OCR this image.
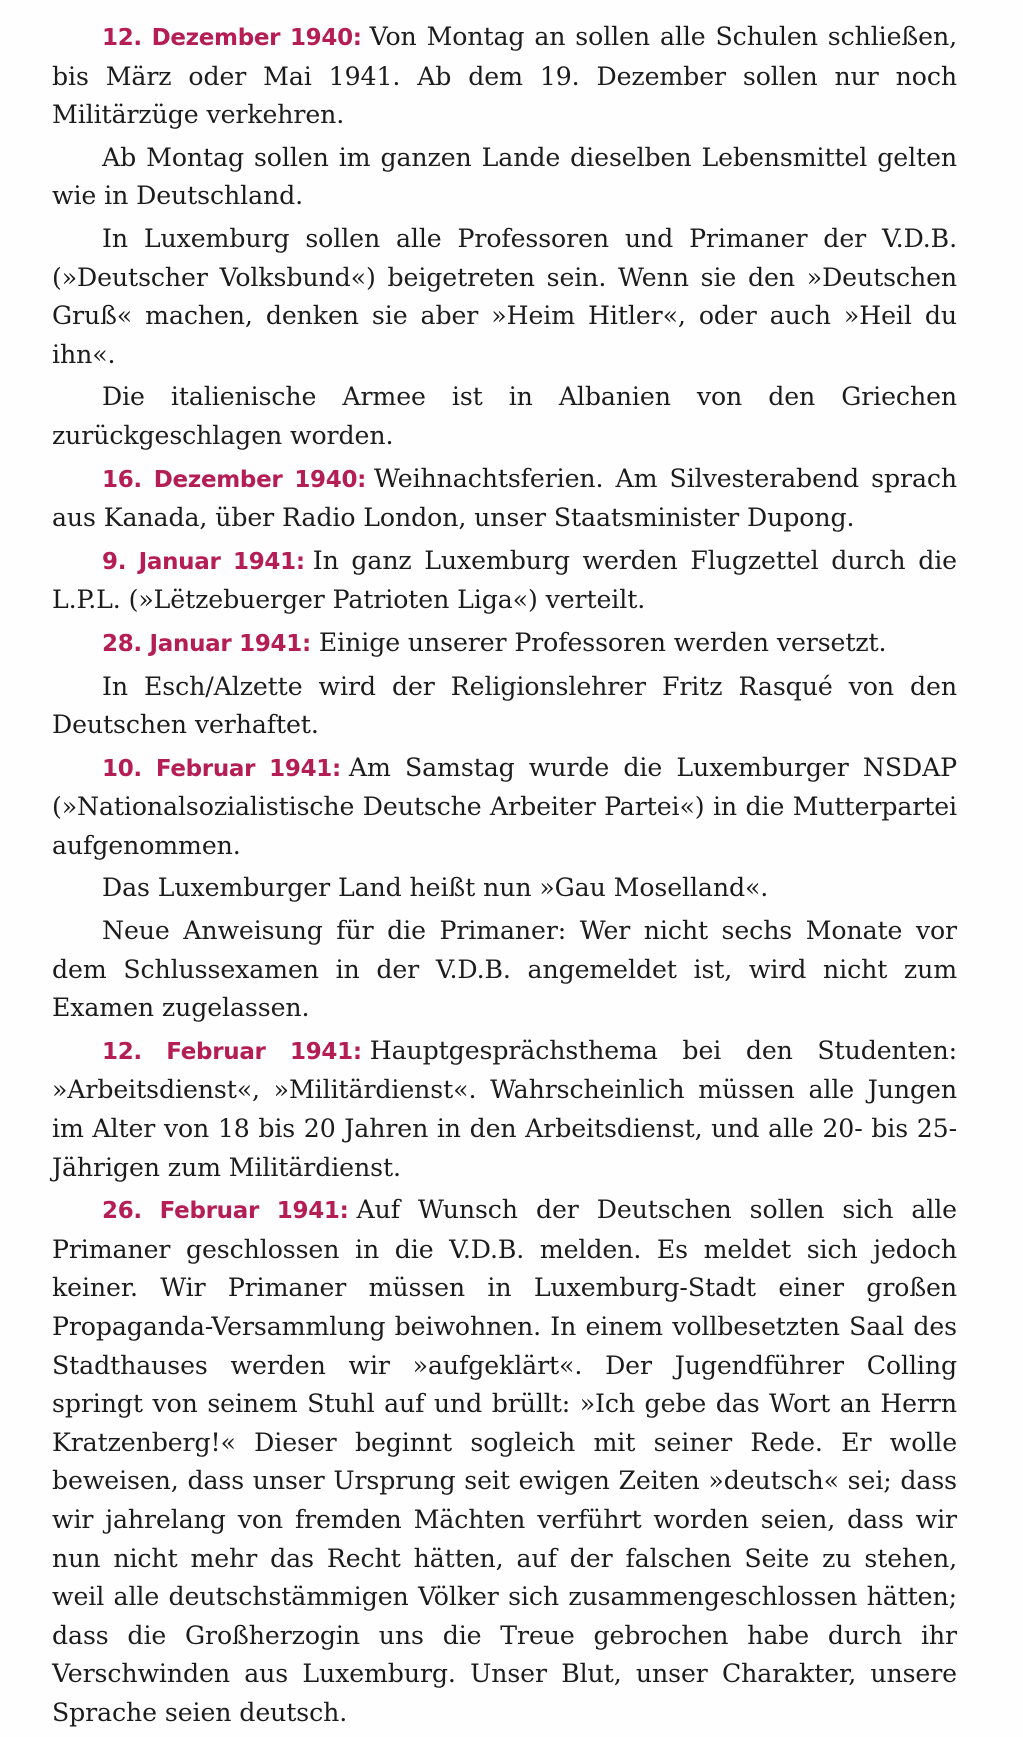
12. Dezember 1940: Von Montag an sollen alle Schulen schließen, bis März oder Mai 1941. Ab dem 19. Dezember sollen nur noch Militärzüge verkehren.

Ab Montag sollen im ganzen Lande dieselben Lebensmittel gelten wie in Deutschland.

In Luxemburg sollen alle Professoren und Primaner der V.D.B. (»Deutscher Volksbund«) beigetreten sein. Wenn sie den »Deutschen Gruß« machen, denken sie aber »Heim Hitler«, oder auch »Heil du ihn«.

Die italienische Armee ist in Albanien von den Griechen zurückgeschlagen worden.

16. Dezember 1940: Weihnachtsferien. Am Silvesterabend sprach aus Kanada, über Radio London, unser Staatsminister Dupong.

9. Januar 1941: In ganz Luxemburg werden Flugzettel durch die L.P.L. (»Lëtzebuerger Patrioten Liga«) verteilt.

28. Januar 1941: Einige unserer Professoren werden versetzt.

In Esch/Alzette wird der Religionslehrer Fritz Rasqué von den Deutschen verhaftet.

10. Februar 1941: Am Samstag wurde die Luxemburger NSDAP (»Nationalsozialistische Deutsche Arbeiter Partei«) in die Mutterpartei aufgenommen.

Das Luxemburger Land heißt nun »Gau Moselland«.

Neue Anweisung für die Primaner: Wer nicht sechs Monate vor dem Schlussexamen in der V.D.B. angemeldet ist, wird nicht zum Examen zugelassen.

12. Februar 1941: Hauptgesprächsthema bei den Studenten: »Arbeitsdienst«, »Militärdienst«. Wahrscheinlich müssen alle Jungen im Alter von 18 bis 20 Jahren in den Arbeitsdienst, und alle 20- bis 25-Jährigen zum Militärdienst.

26. Februar 1941: Auf Wunsch der Deutschen sollen sich alle Primaner geschlossen in die V.D.B. melden. Es meldet sich jedoch keiner. Wir Primaner müssen in Luxemburg-Stadt einer großen Propaganda-Versammlung beiwohnen. In einem vollbesetzten Saal des Stadthauses werden wir »aufgeklärt«. Der Jugendführer Colling springt von seinem Stuhl auf und brüllt: »Ich gebe das Wort an Herrn Kratzenberg!« Dieser beginnt sogleich mit seiner Rede. Er wolle beweisen, dass unser Ursprung seit ewigen Zeiten »deutsch« sei; dass wir jahrelang von fremden Mächten verführt worden seien, dass wir nun nicht mehr das Recht hätten, auf der falschen Seite zu stehen, weil alle deutschstämmigen Völker sich zusammengeschlossen hätten; dass die Großherzogin uns die Treue gebrochen habe durch ihr Verschwinden aus Luxemburg. Unser Blut, unser Charakter, unsere Sprache seien deutsch.
